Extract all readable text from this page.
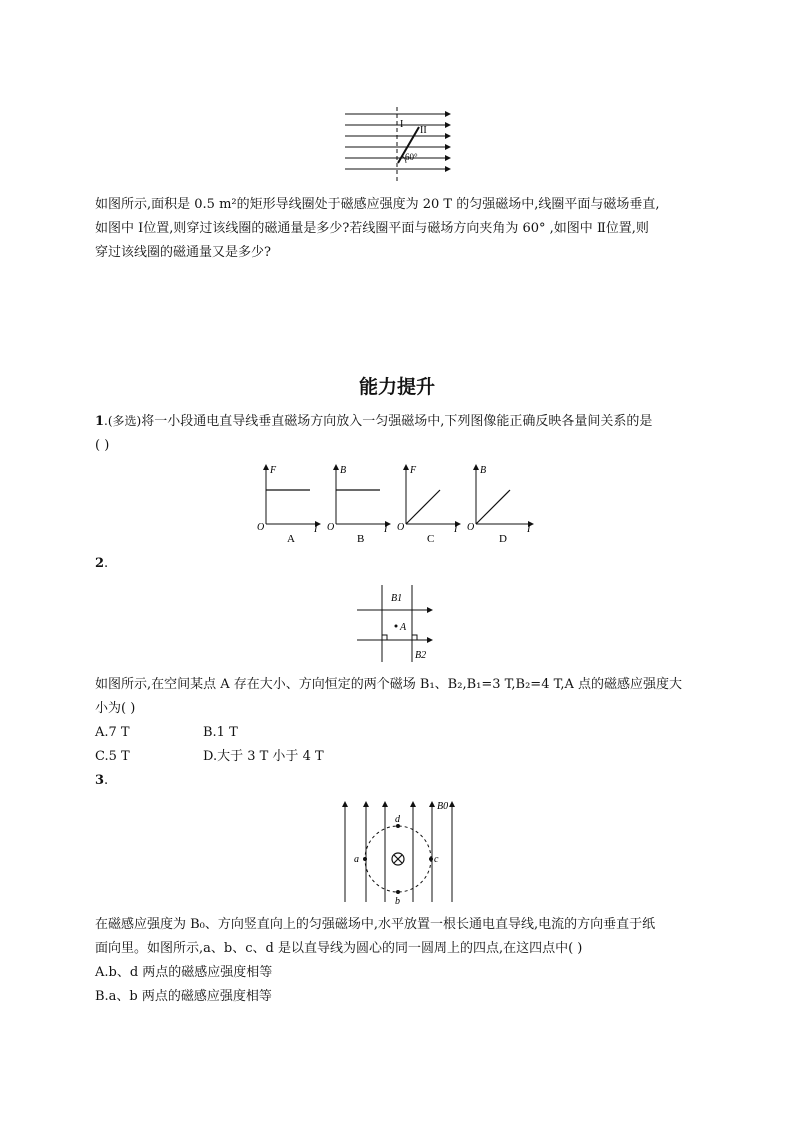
I
II
60°
如图所示,面积是 0.5 m²的矩形导线圈处于磁感应强度为 20 T 的匀强磁场中,线圈平面与磁场垂直,
如图中 Ⅰ位置,则穿过该线圈的磁通量是多少?若线圈平面与磁场方向夹角为 60° ,如图中 Ⅱ位置,则
穿过该线圈的磁通量又是多少?
能力提升
1.(多选)将一小段通电直导线垂直磁场方向放入一匀强磁场中,下列图像能正确反映各量间关系的是
( )
F
O	I
A
B
O	I
B
F
O	I
C
B
O	I
D
2.
B1
A
B2
如图所示,在空间某点 A 存在大小、方向恒定的两个磁场 B₁、B₂,B₁=3 T,B₂=4 T,A 点的磁感应强度大
小为( )
A.7 T	B.1 T
C.5 T	D.大于 3 T 小于 4 T
3.
B0
a
b
c
d
在磁感应强度为 B₀、方向竖直向上的匀强磁场中,水平放置一根长通电直导线,电流的方向垂直于纸
面向里。如图所示,a、b、c、d 是以直导线为圆心的同一圆周上的四点,在这四点中( )
A.b、d 两点的磁感应强度相等
B.a、b 两点的磁感应强度相等
